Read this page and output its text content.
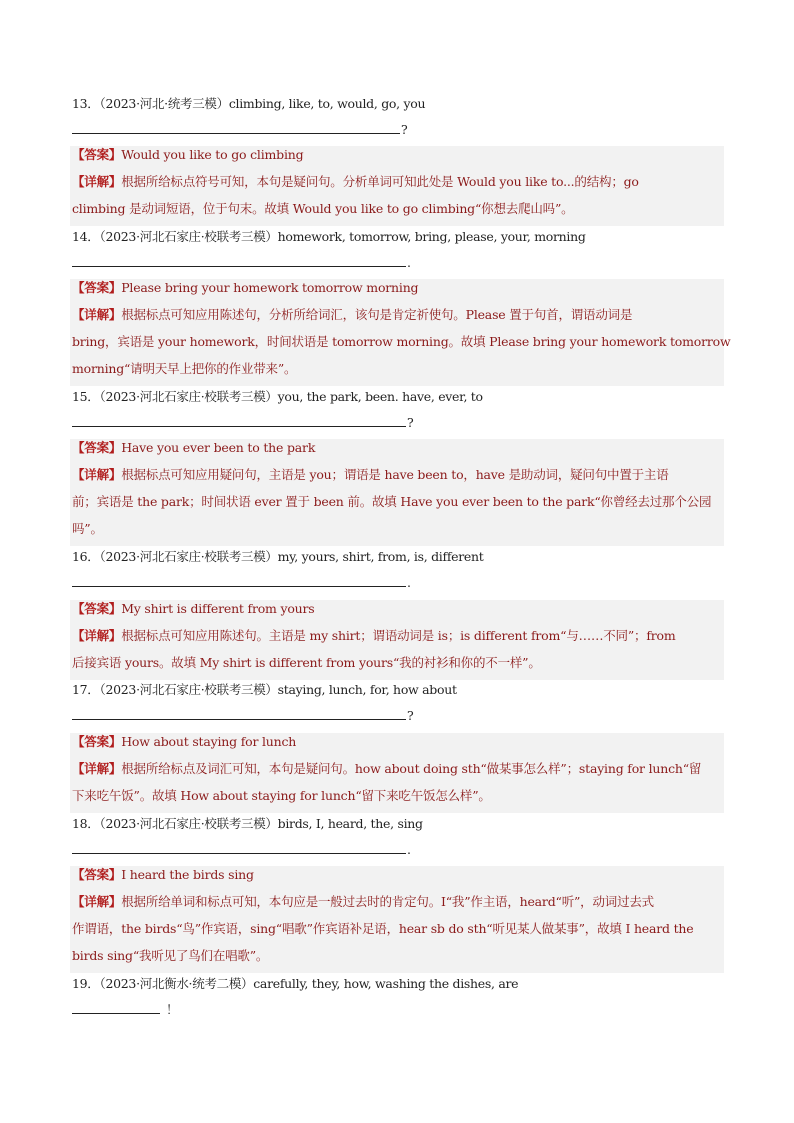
13．（2023·河北·统考三模）climbing, like, to, would, go, you
?
【答案】Would you like to go climbing
【详解】根据所给标点符号可知，本句是疑问句。分析单词可知此处是 Would you like to...的结构；go
climbing 是动词短语，位于句末。故填 Would you like to go climbing“你想去爬山吗”。
14．（2023·河北石家庄·校联考三模）homework, tomorrow, bring, please, your, morning
.
【答案】Please bring your homework tomorrow morning
【详解】根据标点可知应用陈述句，分析所给词汇，该句是肯定祈使句。Please 置于句首，谓语动词是
bring，宾语是 your homework，时间状语是 tomorrow morning。故填 Please bring your homework tomorrow
morning“请明天早上把你的作业带来”。
15．（2023·河北石家庄·校联考三模）you, the park, been. have, ever, to
?
【答案】Have you ever been to the park
【详解】根据标点可知应用疑问句，主语是 you；谓语是 have been to，have 是助动词，疑问句中置于主语
前；宾语是 the park；时间状语 ever 置于 been 前。故填 Have you ever been to the park“你曾经去过那个公园
吗”。
16．（2023·河北石家庄·校联考三模）my, yours, shirt, from, is, different
.
【答案】My shirt is different from yours
【详解】根据标点可知应用陈述句。主语是 my shirt；谓语动词是 is；is different from“与……不同”；from
后接宾语 yours。故填 My shirt is different from yours“我的衬衫和你的不一样”。
17．（2023·河北石家庄·校联考三模）staying, lunch, for, how about
?
【答案】How about staying for lunch
【详解】根据所给标点及词汇可知，本句是疑问句。how about doing sth“做某事怎么样”；staying for lunch“留
下来吃午饭”。故填 How about staying for lunch“留下来吃午饭怎么样”。
18．（2023·河北石家庄·校联考三模）birds, I, heard, the, sing
.
【答案】I heard the birds sing
【详解】根据所给单词和标点可知，本句应是一般过去时的肯定句。I“我”作主语，heard“听”，动词过去式
作谓语，the birds“鸟”作宾语，sing“唱歌”作宾语补足语，hear sb do sth“听见某人做某事”，故填 I heard the
birds sing“我听见了鸟们在唱歌”。
19．（2023·河北衡水·统考二模）carefully, they, how, washing the dishes, are
！
